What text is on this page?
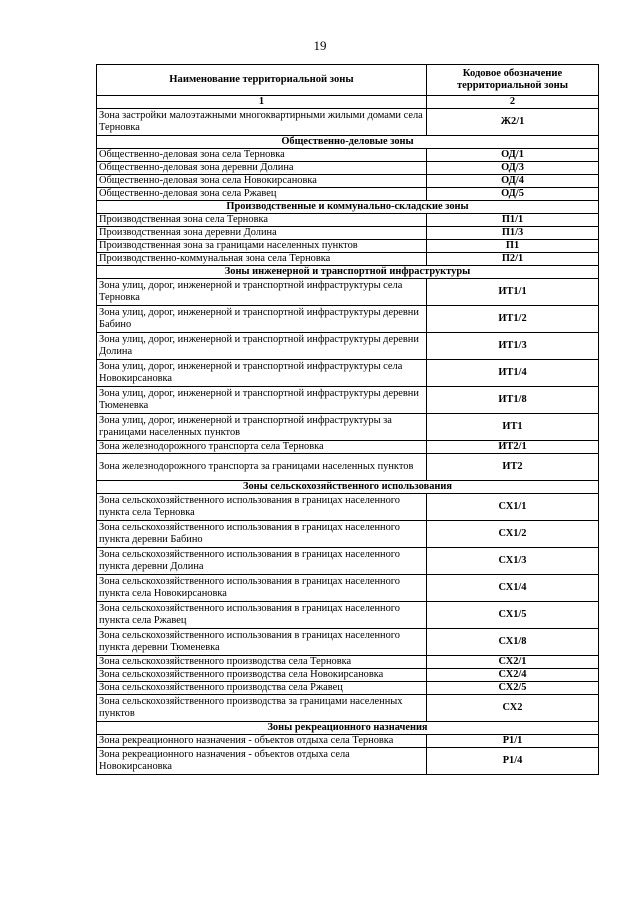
19
Наименование территориальной зоны	Кодовое обозначение территориальной зоны
1	2
Зона застройки малоэтажными многоквартирными жилыми домами села Терновка	Ж2/1
Общественно-деловые зоны	
Общественно-деловая зона села Терновка	ОД/1
Общественно-деловая зона деревни Долина	ОД/3
Общественно-деловая зона села Новокирсановка	ОД/4
Общественно-деловая зона села Ржавец	ОД/5
Производственные и коммунально-складские зоны	
Производственная зона села Терновка	П1/1
Производственная зона деревни Долина	П1/3
Производственная зона за границами населенных пунктов	П1
Производственно-коммунальная зона села Терновка	П2/1
Зоны инженерной и транспортной инфраструктуры	
Зона улиц, дорог, инженерной и транспортной инфраструктуры села Терновка	ИТ1/1
Зона улиц, дорог, инженерной и транспортной инфраструктуры деревни Бабино	ИТ1/2
Зона улиц, дорог, инженерной и транспортной инфраструктуры деревни Долина	ИТ1/3
Зона улиц, дорог, инженерной и транспортной инфраструктуры села Новокирсановка	ИТ1/4
Зона улиц, дорог, инженерной и транспортной инфраструктуры деревни Тюменевка	ИТ1/8
Зона улиц, дорог, инженерной и транспортной инфраструктуры за границами населенных пунктов	ИТ1
Зона железнодорожного транспорта села Терновка	ИТ2/1
Зона железнодорожного транспорта за границами населенных пунктов	ИТ2
Зоны сельскохозяйственного использования	
Зона сельскохозяйственного использования в границах населенного пункта села Терновка	СХ1/1
Зона сельскохозяйственного использования в границах населенного пункта деревни Бабино	СХ1/2
Зона сельскохозяйственного использования в границах населенного пункта деревни Долина	СХ1/3
Зона сельскохозяйственного использования в границах населенного пункта села Новокирсановка	СХ1/4
Зона сельскохозяйственного использования в границах населенного пункта села Ржавец	СХ1/5
Зона сельскохозяйственного использования в границах населенного пункта деревни Тюменевка	СХ1/8
Зона сельскохозяйственного производства села Терновка	СХ2/1
Зона сельскохозяйственного производства села Новокирсановка	СХ2/4
Зона сельскохозяйственного производства села Ржавец	СХ2/5
Зона сельскохозяйственного производства за границами населенных пунктов	СХ2
Зоны рекреационного назначения	
Зона рекреационного назначения - объектов отдыха села Терновка	Р1/1
Зона рекреационного назначения - объектов отдыха села Новокирсановка	Р1/4
